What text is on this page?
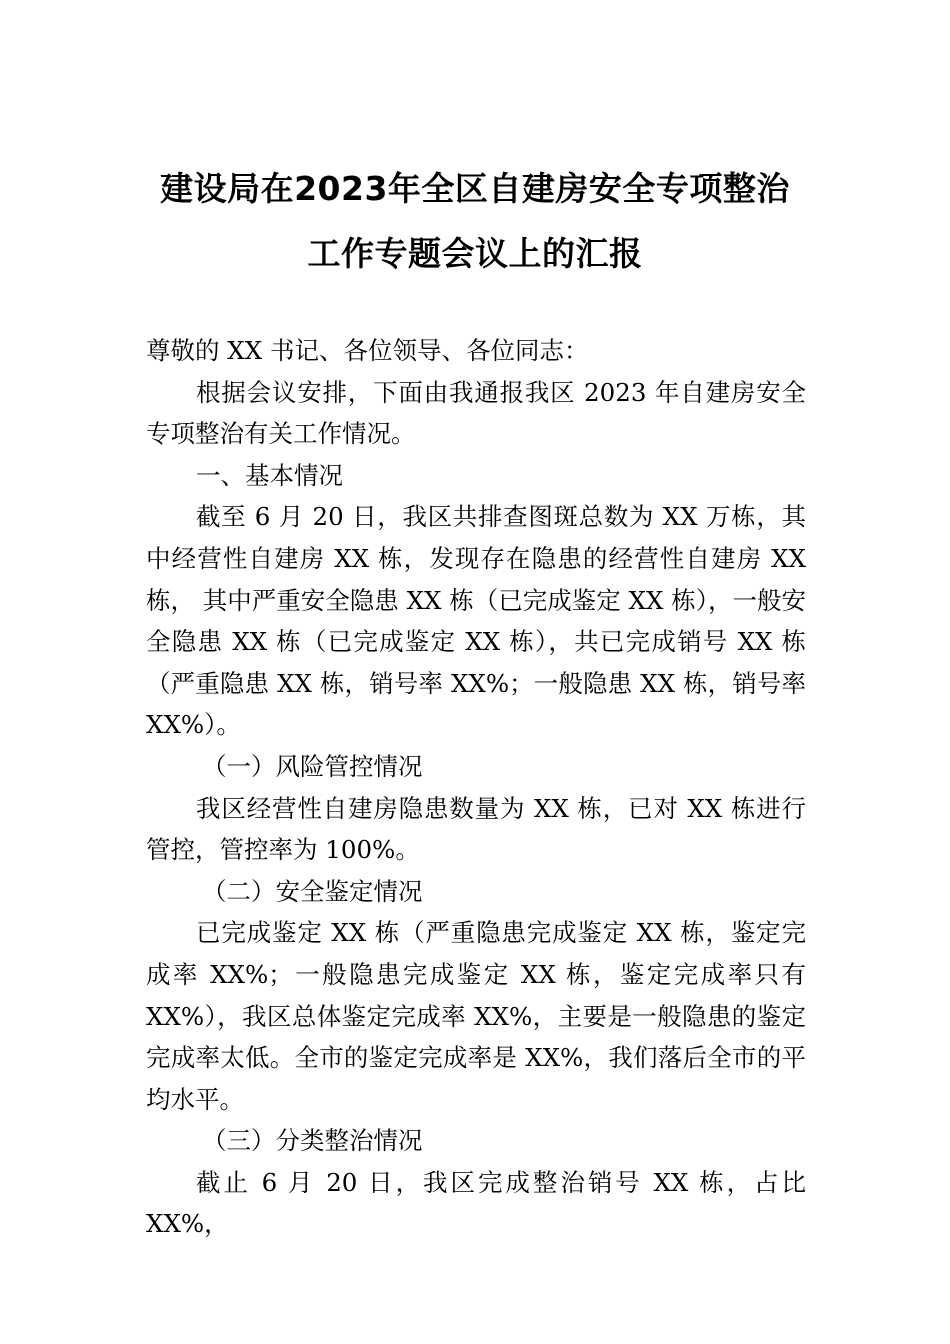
建设局在2023年全区自建房安全专项整治
工作专题会议上的汇报

尊敬的 XX 书记、各位领导、各位同志：

根据会议安排，下面由我通报我区 2023 年自建房安全专项整治有关工作情况。

一、基本情况

截至 6 月 20 日，我区共排查图斑总数为 XX 万栋，其中经营性自建房 XX 栋，发现存在隐患的经营性自建房 XX 栋， 其中严重安全隐患 XX 栋（已完成鉴定 XX 栋），一般安全隐患 XX 栋（已完成鉴定 XX 栋），共已完成销号 XX 栋（严重隐患 XX 栋，销号率 XX%；一般隐患 XX 栋，销号率 XX%）。

（一）风险管控情况

我区经营性自建房隐患数量为 XX 栋，已对 XX 栋进行管控，管控率为 100%。

（二）安全鉴定情况

已完成鉴定 XX 栋（严重隐患完成鉴定 XX 栋，鉴定完成率 XX%；一般隐患完成鉴定 XX 栋，鉴定完成率只有 XX%），我区总体鉴定完成率 XX%，主要是一般隐患的鉴定完成率太低。全市的鉴定完成率是 XX%，我们落后全市的平均水平。

（三）分类整治情况

截止 6 月 20 日，我区完成整治销号 XX 栋，占比 XX%，
